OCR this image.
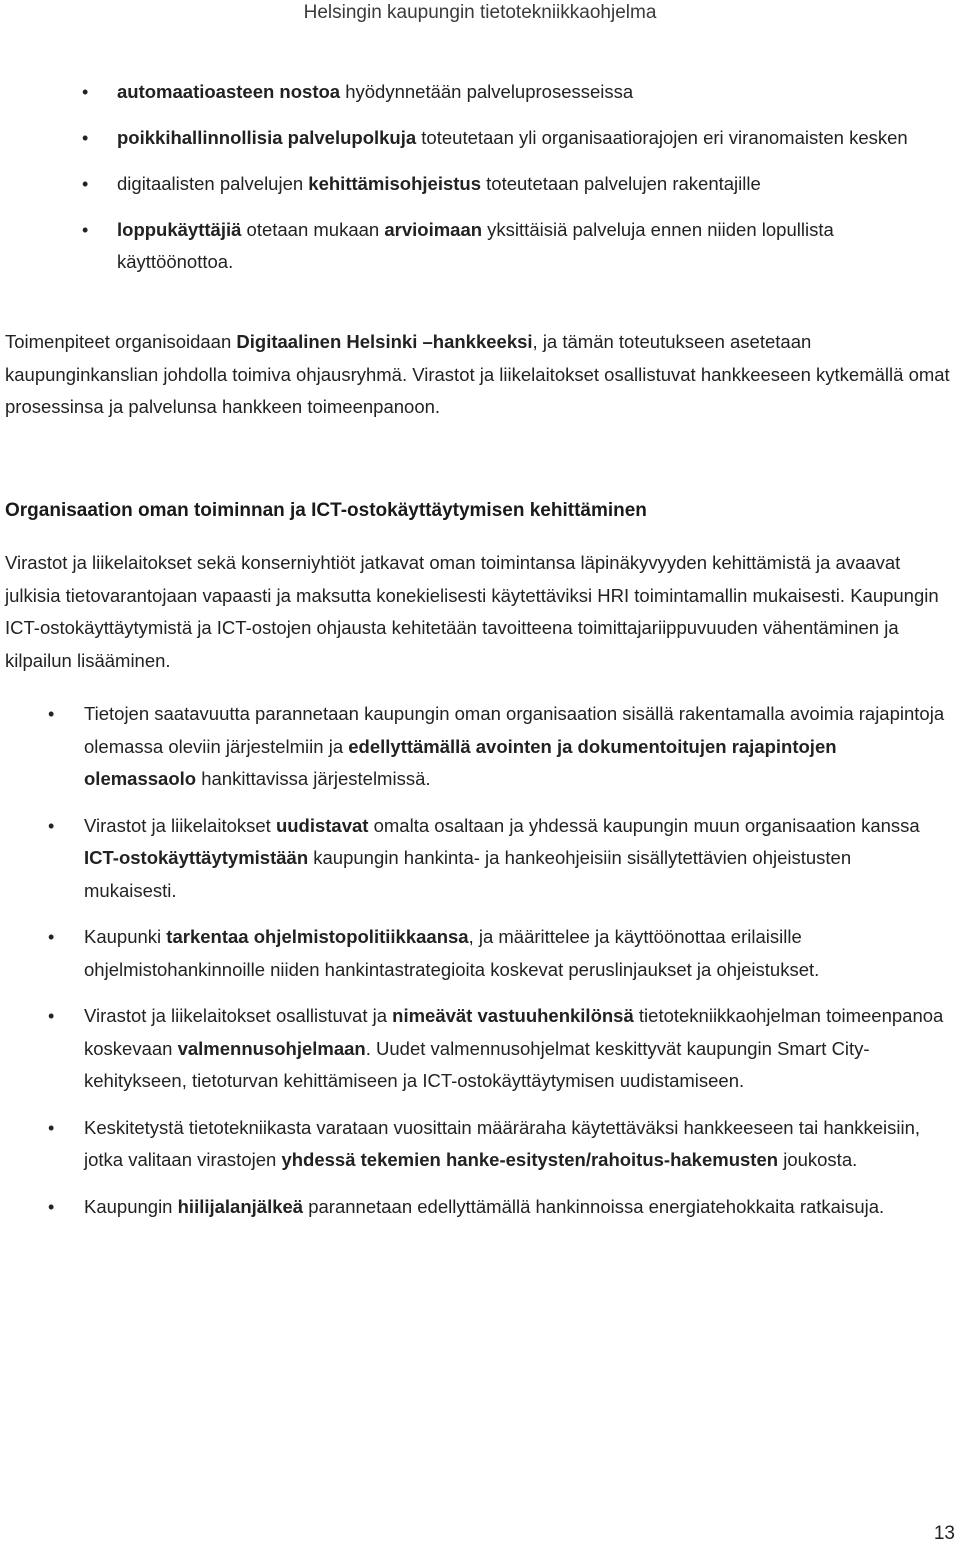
Helsingin kaupungin tietotekniikkaohjelma
• automaatioasteen nostoa hyödynnetään palveluprosesseissa
• poikkihallinnollisia palvelupolkuja toteutetaan yli organisaatiorajojen eri viranomaisten kesken
• digitaalisten palvelujen kehittämisohjeistus toteutetaan palvelujen rakentajille
• loppukäyttäjiä otetaan mukaan arvioimaan yksittäisiä palveluja ennen niiden lopullista käyttöönottoa.

Toimenpiteet organisoidaan Digitaalinen Helsinki –hankkeeksi, ja tämän toteutukseen asetetaan kaupunginkanslian johdolla toimiva ohjausryhmä. Virastot ja liikelaitokset osallistuvat hankkeeseen kytkemällä omat prosessinsa ja palvelunsa hankkeen toimeenpanoon.

Organisaation oman toiminnan ja ICT-ostokäyttäytymisen kehittäminen

Virastot ja liikelaitokset sekä konserniyhtiöt jatkavat oman toimintansa läpinäkyvyyden kehittämistä ja avaavat julkisia tietovarantojaan vapaasti ja maksutta konekielisesti käytettäviksi HRI toimintamallin mukaisesti. Kaupungin ICT-ostokäyttäytymistä ja ICT-ostojen ohjausta kehitetään tavoitteena toimittajariippuvuuden vähentäminen ja kilpailun lisääminen.

• Tietojen saatavuutta parannetaan kaupungin oman organisaation sisällä rakentamalla avoimia rajapintoja olemassa oleviin järjestelmiin ja edellyttämällä avointen ja dokumentoitujen rajapintojen olemassaolo hankittavissa järjestelmissä.
• Virastot ja liikelaitokset uudistavat omalta osaltaan ja yhdessä kaupungin muun organisaation kanssa ICT-ostokäyttäytymistään kaupungin hankinta- ja hankeohjeisiin sisällytettävien ohjeistusten mukaisesti.
• Kaupunki tarkentaa ohjelmistopolitiikkaansa, ja määrittelee ja käyttöönottaa erilaisille ohjelmistohankinnoille niiden hankintastrategioita koskevat peruslinjaukset ja ohjeistukset.
• Virastot ja liikelaitokset osallistuvat ja nimeävät vastuuhenkilönsä tietotekniikkaohjelman toimeenpanoa koskevaan valmennusohjelmaan. Uudet valmennusohjelmat keskittyvät kaupungin Smart City-kehitykseen, tietoturvan kehittämiseen ja ICT-ostokäyttäytymisen uudistamiseen.
• Keskitetystä tietotekniikasta varataan vuosittain määräraha käytettäväksi hankkeeseen tai hankkeisiin, jotka valitaan virastojen yhdessä tekemien hanke-esitysten/rahoitus-hakemusten joukosta.
• Kaupungin hiilijalanjälkeä parannetaan edellyttämällä hankinnoissa energiatehokkaita ratkaisuja.
13
